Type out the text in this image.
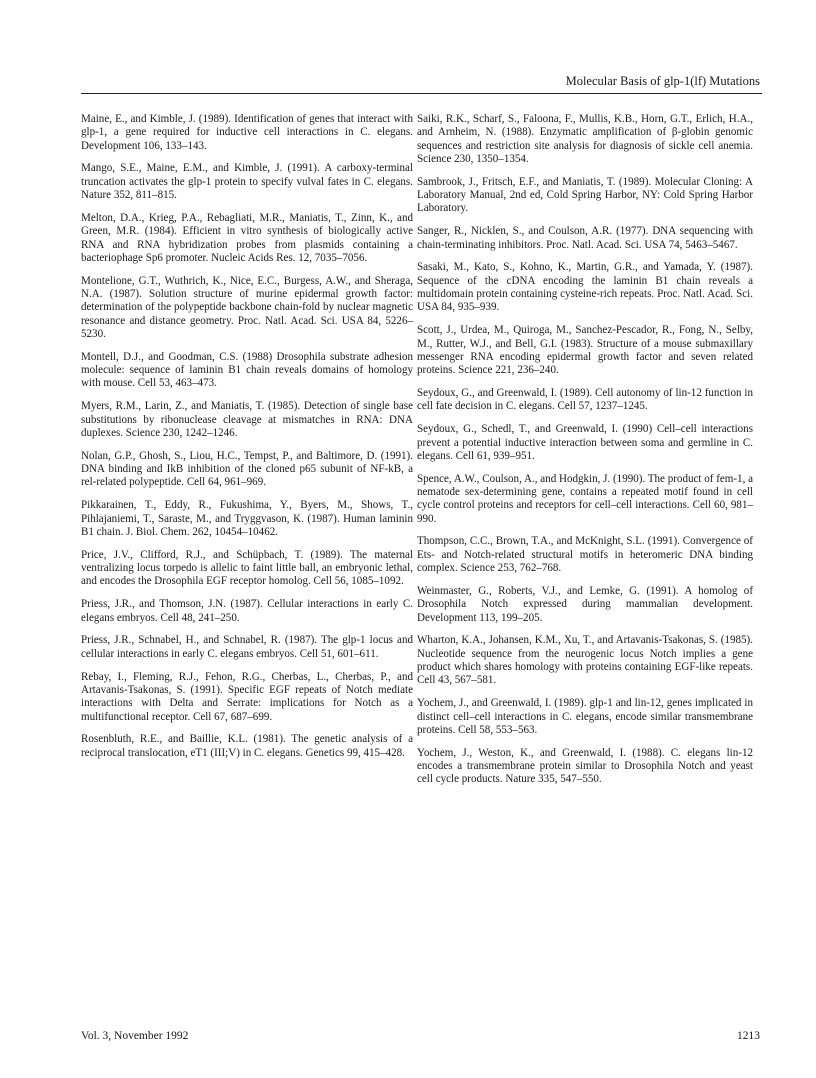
Molecular Basis of glp-1(lf) Mutations

Maine, E., and Kimble, J. (1989). Identification of genes that interact with glp-1, a gene required for inductive cell interactions in C. elegans. Development 106, 133–143.

Mango, S.E., Maine, E.M., and Kimble, J. (1991). A carboxy-terminal truncation activates the glp-1 protein to specify vulval fates in C. elegans. Nature 352, 811–815.

Melton, D.A., Krieg, P.A., Rebagliati, M.R., Maniatis, T., Zinn, K., and Green, M.R. (1984). Efficient in vitro synthesis of biologically active RNA and RNA hybridization probes from plasmids containing a bacteriophage Sp6 promoter. Nucleic Acids Res. 12, 7035–7056.

Montelione, G.T., Wuthrich, K., Nice, E.C., Burgess, A.W., and Sheraga, N.A. (1987). Solution structure of murine epidermal growth factor: determination of the polypeptide backbone chain-fold by nuclear magnetic resonance and distance geometry. Proc. Natl. Acad. Sci. USA 84, 5226–5230.

Montell, D.J., and Goodman, C.S. (1988) Drosophila substrate adhesion molecule: sequence of laminin B1 chain reveals domains of homology with mouse. Cell 53, 463–473.

Myers, R.M., Larin, Z., and Maniatis, T. (1985). Detection of single base substitutions by ribonuclease cleavage at mismatches in RNA: DNA duplexes. Science 230, 1242–1246.

Nolan, G.P., Ghosh, S., Liou, H.C., Tempst, P., and Baltimore, D. (1991). DNA binding and IkB inhibition of the cloned p65 subunit of NF-kB, a rel-related polypeptide. Cell 64, 961–969.

Pikkarainen, T., Eddy, R., Fukushima, Y., Byers, M., Shows, T., Pihlajaniemi, T., Saraste, M., and Tryggvason, K. (1987). Human laminin B1 chain. J. Biol. Chem. 262, 10454–10462.

Price, J.V., Clifford, R.J., and Schüpbach, T. (1989). The maternal ventralizing locus torpedo is allelic to faint little ball, an embryonic lethal, and encodes the Drosophila EGF receptor homolog. Cell 56, 1085–1092.

Priess, J.R., and Thomson, J.N. (1987). Cellular interactions in early C. elegans embryos. Cell 48, 241–250.

Priess, J.R., Schnabel, H., and Schnabel, R. (1987). The glp-1 locus and cellular interactions in early C. elegans embryos. Cell 51, 601–611.

Rebay, I., Fleming, R.J., Fehon, R.G., Cherbas, L., Cherbas, P., and Artavanis-Tsakonas, S. (1991). Specific EGF repeats of Notch mediate interactions with Delta and Serrate: implications for Notch as a multifunctional receptor. Cell 67, 687–699.

Rosenbluth, R.E., and Baillie, K.L. (1981). The genetic analysis of a reciprocal translocation, eT1 (III;V) in C. elegans. Genetics 99, 415–428.

Saiki, R.K., Scharf, S., Faloona, F., Mullis, K.B., Horn, G.T., Erlich, H.A., and Arnheim, N. (1988). Enzymatic amplification of β-globin genomic sequences and restriction site analysis for diagnosis of sickle cell anemia. Science 230, 1350–1354.

Sambrook, J., Fritsch, E.F., and Maniatis, T. (1989). Molecular Cloning: A Laboratory Manual, 2nd ed, Cold Spring Harbor, NY: Cold Spring Harbor Laboratory.

Sanger, R., Nicklen, S., and Coulson, A.R. (1977). DNA sequencing with chain-terminating inhibitors. Proc. Natl. Acad. Sci. USA 74, 5463–5467.

Sasaki, M., Kato, S., Kohno, K., Martin, G.R., and Yamada, Y. (1987). Sequence of the cDNA encoding the laminin B1 chain reveals a multidomain protein containing cysteine-rich repeats. Proc. Natl. Acad. Sci. USA 84, 935–939.

Scott, J., Urdea, M., Quiroga, M., Sanchez-Pescador, R., Fong, N., Selby, M., Rutter, W.J., and Bell, G.I. (1983). Structure of a mouse submaxillary messenger RNA encoding epidermal growth factor and seven related proteins. Science 221, 236–240.

Seydoux, G., and Greenwald, I. (1989). Cell autonomy of lin-12 function in cell fate decision in C. elegans. Cell 57, 1237–1245.

Seydoux, G., Schedl, T., and Greenwald, I. (1990) Cell–cell interactions prevent a potential inductive interaction between soma and germline in C. elegans. Cell 61, 939–951.

Spence, A.W., Coulson, A., and Hodgkin, J. (1990). The product of fem-1, a nematode sex-determining gene, contains a repeated motif found in cell cycle control proteins and receptors for cell–cell interactions. Cell 60, 981–990.

Thompson, C.C., Brown, T.A., and McKnight, S.L. (1991). Convergence of Ets- and Notch-related structural motifs in heteromeric DNA binding complex. Science 253, 762–768.

Weinmaster, G., Roberts, V.J., and Lemke, G. (1991). A homolog of Drosophila Notch expressed during mammalian development. Development 113, 199–205.

Wharton, K.A., Johansen, K.M., Xu, T., and Artavanis-Tsakonas, S. (1985). Nucleotide sequence from the neurogenic locus Notch implies a gene product which shares homology with proteins containing EGF-like repeats. Cell 43, 567–581.

Yochem, J., and Greenwald, I. (1989). glp-1 and lin-12, genes implicated in distinct cell–cell interactions in C. elegans, encode similar transmembrane proteins. Cell 58, 553–563.

Yochem, J., Weston, K., and Greenwald, I. (1988). C. elegans lin-12 encodes a transmembrane protein similar to Drosophila Notch and yeast cell cycle products. Nature 335, 547–550.

Vol. 3, November 1992	1213
